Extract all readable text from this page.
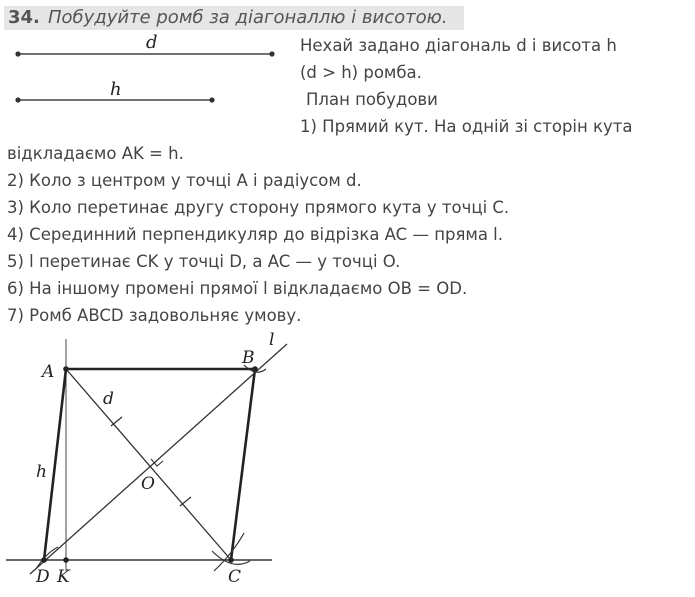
34. Побудуйте ромб за діагоналлю і висотою.
d
h
Нехай задано діагональ d і висота h
(d > h) ромба.
План побудови
1) Прямий кут. На одній зі сторін кута
відкладаємо AK = h.
2) Коло з центром у точці A і радіусом d.
3) Коло перетинає другу сторону прямого кута у точці C.
4) Серединний перпендикуляр до відрізка AC — пряма l.
5) l перетинає CK у точці D, а AC — у точці O.
6) На іншому промені прямої l відкладаємо OB = OD.
7) Ромб ABCD задовольняє умову.
A
B
C
D K
O
d
h
l
